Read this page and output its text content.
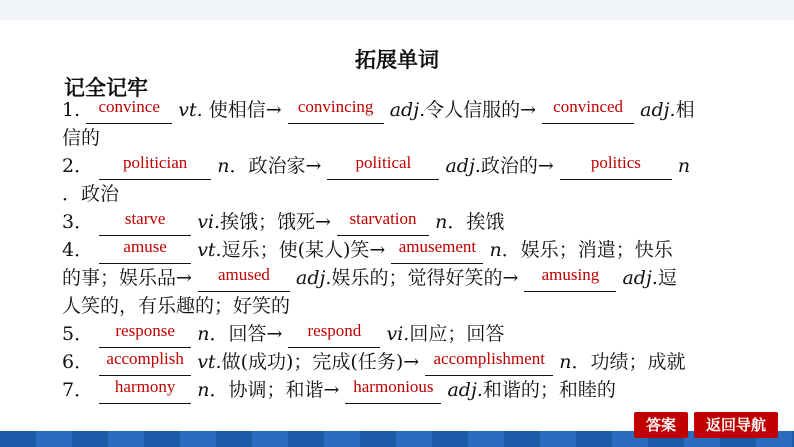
拓展单词
记全记牢
1. convince vt. 使相信→ convincing adj.令人信服的→ convinced adj.相
信的
2． politician n．政治家→ political adj.政治的→ politics n
．政治
3． starve vi.挨饿；饿死→ starvation n．挨饿
4． amuse vt.逗乐；使(某人)笑→ amusement n．娱乐；消遣；快乐
的事；娱乐品→ amused adj.娱乐的；觉得好笑的→ amusing adj.逗
人笑的，有乐趣的；好笑的
5． response n．回答→ respond vi.回应；回答
6． accomplish vt.做(成功)；完成(任务)→ accomplishment n．功绩；成就
7． harmony n．协调；和谐→ harmonious adj.和谐的；和睦的
答案	返回导航
